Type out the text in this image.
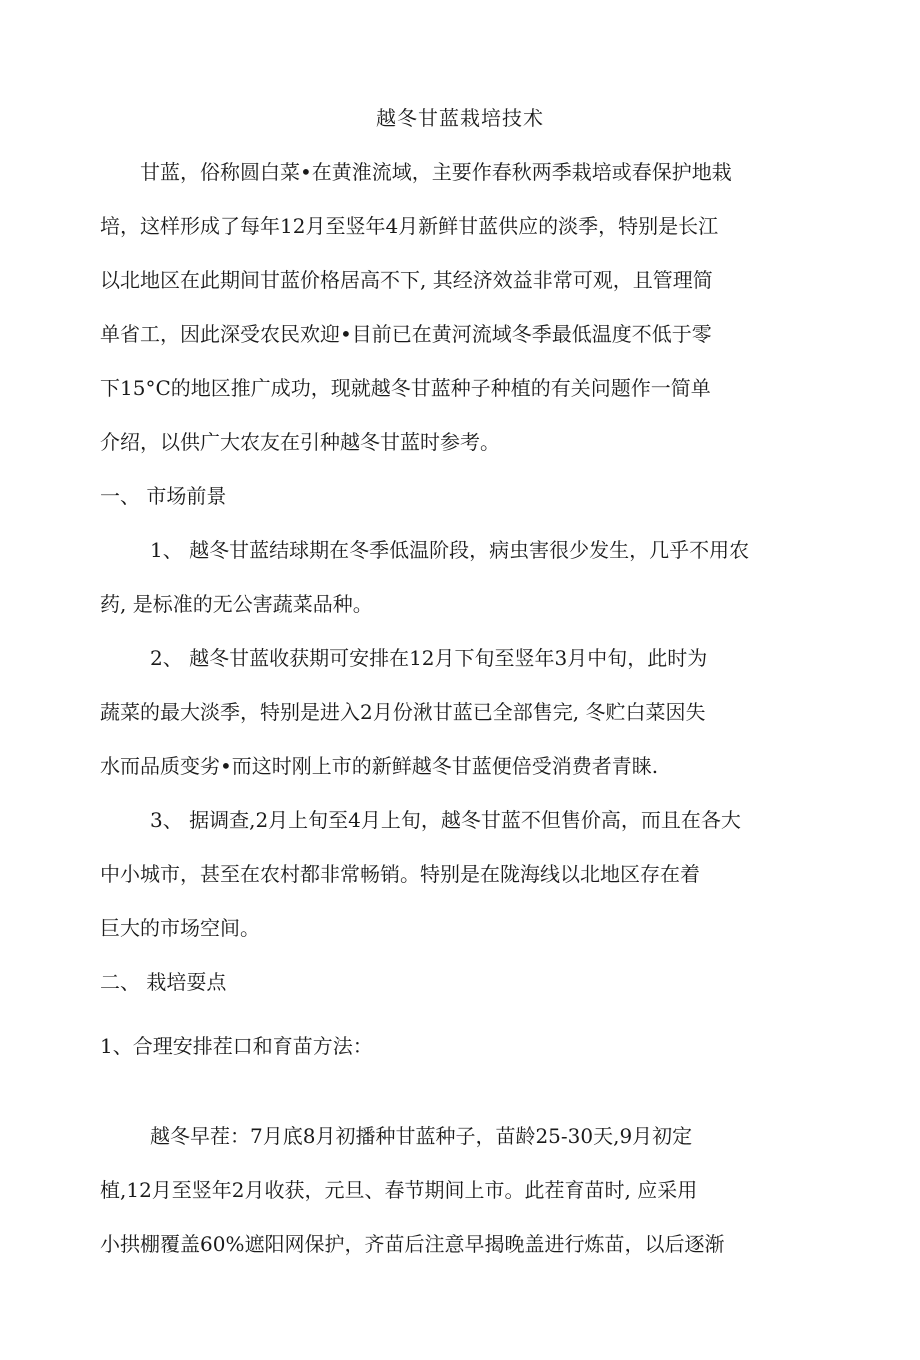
越冬甘蓝栽培技术
甘蓝，俗称圆白菜•在黄淮流域，主要作春秋两季栽培或春保护地栽
培，这样形成了每年12月至竖年4月新鲜甘蓝供应的淡季，特别是长江
以北地区在此期间甘蓝价格居高不下, 其经济效益非常可观，且管理简
单省工，因此深受农民欢迎•目前已在黄河流域冬季最低温度不低于零
下15°C的地区推广成功，现就越冬甘蓝种子种植的有关问题作一简单
介绍，以供广大农友在引种越冬甘蓝时参考。
一、 市场前景
1、 越冬甘蓝结球期在冬季低温阶段，病虫害很少发生，几乎不用农
药, 是标准的无公害蔬菜品种。
2、 越冬甘蓝收获期可安排在12月下旬至竖年3月中旬，此时为
蔬菜的最大淡季，特别是进入2月份湫甘蓝已全部售完, 冬贮白菜因失
水而品质变劣•而这时刚上市的新鲜越冬甘蓝便倍受消费者青睐.
3、 据调查,2月上旬至4月上旬，越冬甘蓝不但售价高，而且在各大
中小城市，甚至在农村都非常畅销。特别是在陇海线以北地区存在着
巨大的市场空间。
二、 栽培耍点
1、合理安排茬口和育苗方法：
越冬早茬：7月底8月初播种甘蓝种子，苗龄25-30天,9月初定
植,12月至竖年2月收获，元旦、春节期间上市。此茬育苗时, 应采用
小拱棚覆盖60%遮阳网保护，齐苗后注意早揭晚盖进行炼苗，以后逐渐
